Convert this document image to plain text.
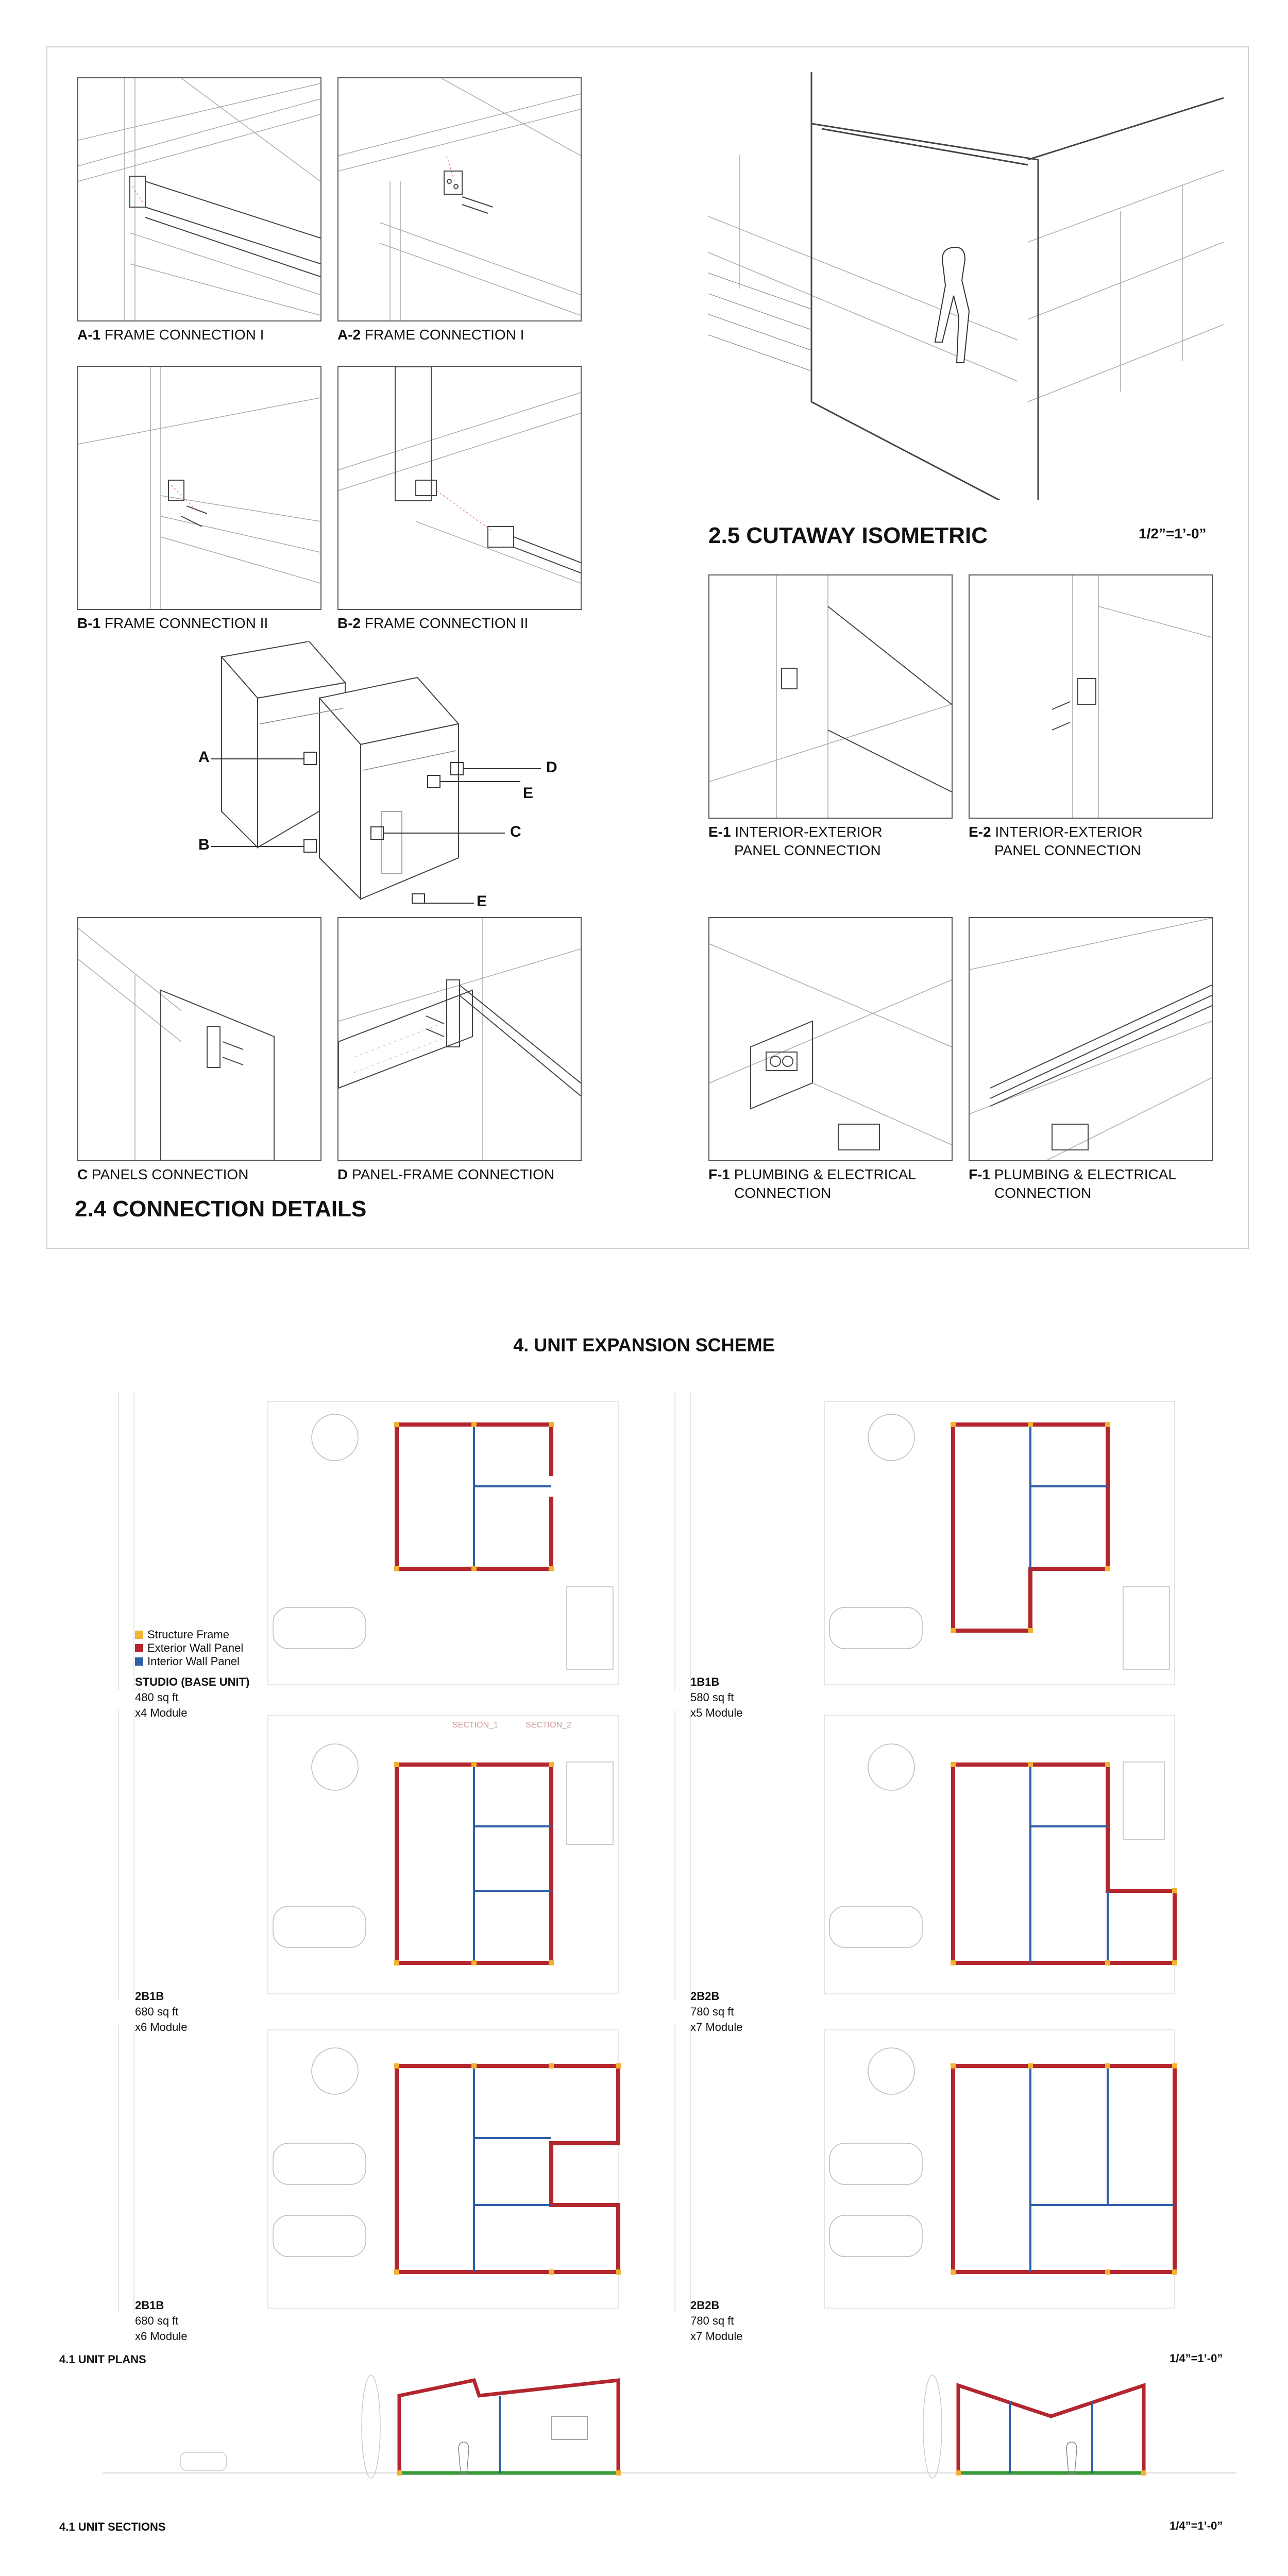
A-1 FRAME CONNECTION I	A-2 FRAME CONNECTION I
B-1 FRAME CONNECTION II	B-2 FRAME CONNECTION II
A
B
C
D
E
E
C PANELS CONNECTION	D PANEL-FRAME CONNECTION
2.4 CONNECTION DETAILS
2.5 CUTAWAY ISOMETRIC	1/2”=1’-0”
E-1 INTERIOR-EXTERIOR
PANEL CONNECTION
E-2 INTERIOR-EXTERIOR
PANEL CONNECTION
F-1 PLUMBING & ELECTRICAL
CONNECTION
F-1 PLUMBING & ELECTRICAL
CONNECTION
4. UNIT EXPANSION SCHEME
Structure Frame
Exterior Wall Panel
Interior Wall Panel
STUDIO (BASE UNIT)
480 sq ft
x4 Module
1B1B
580 sq ft
x5 Module
SECTION_1	SECTION_2
2B1B
680 sq ft
x6 Module
2B2B
780 sq ft
x7 Module
2B1B
680 sq ft
x6 Module
2B2B
780 sq ft
x7 Module
4.1 UNIT PLANS	1/4”=1’-0”
4.1 UNIT SECTIONS	1/4”=1’-0”
